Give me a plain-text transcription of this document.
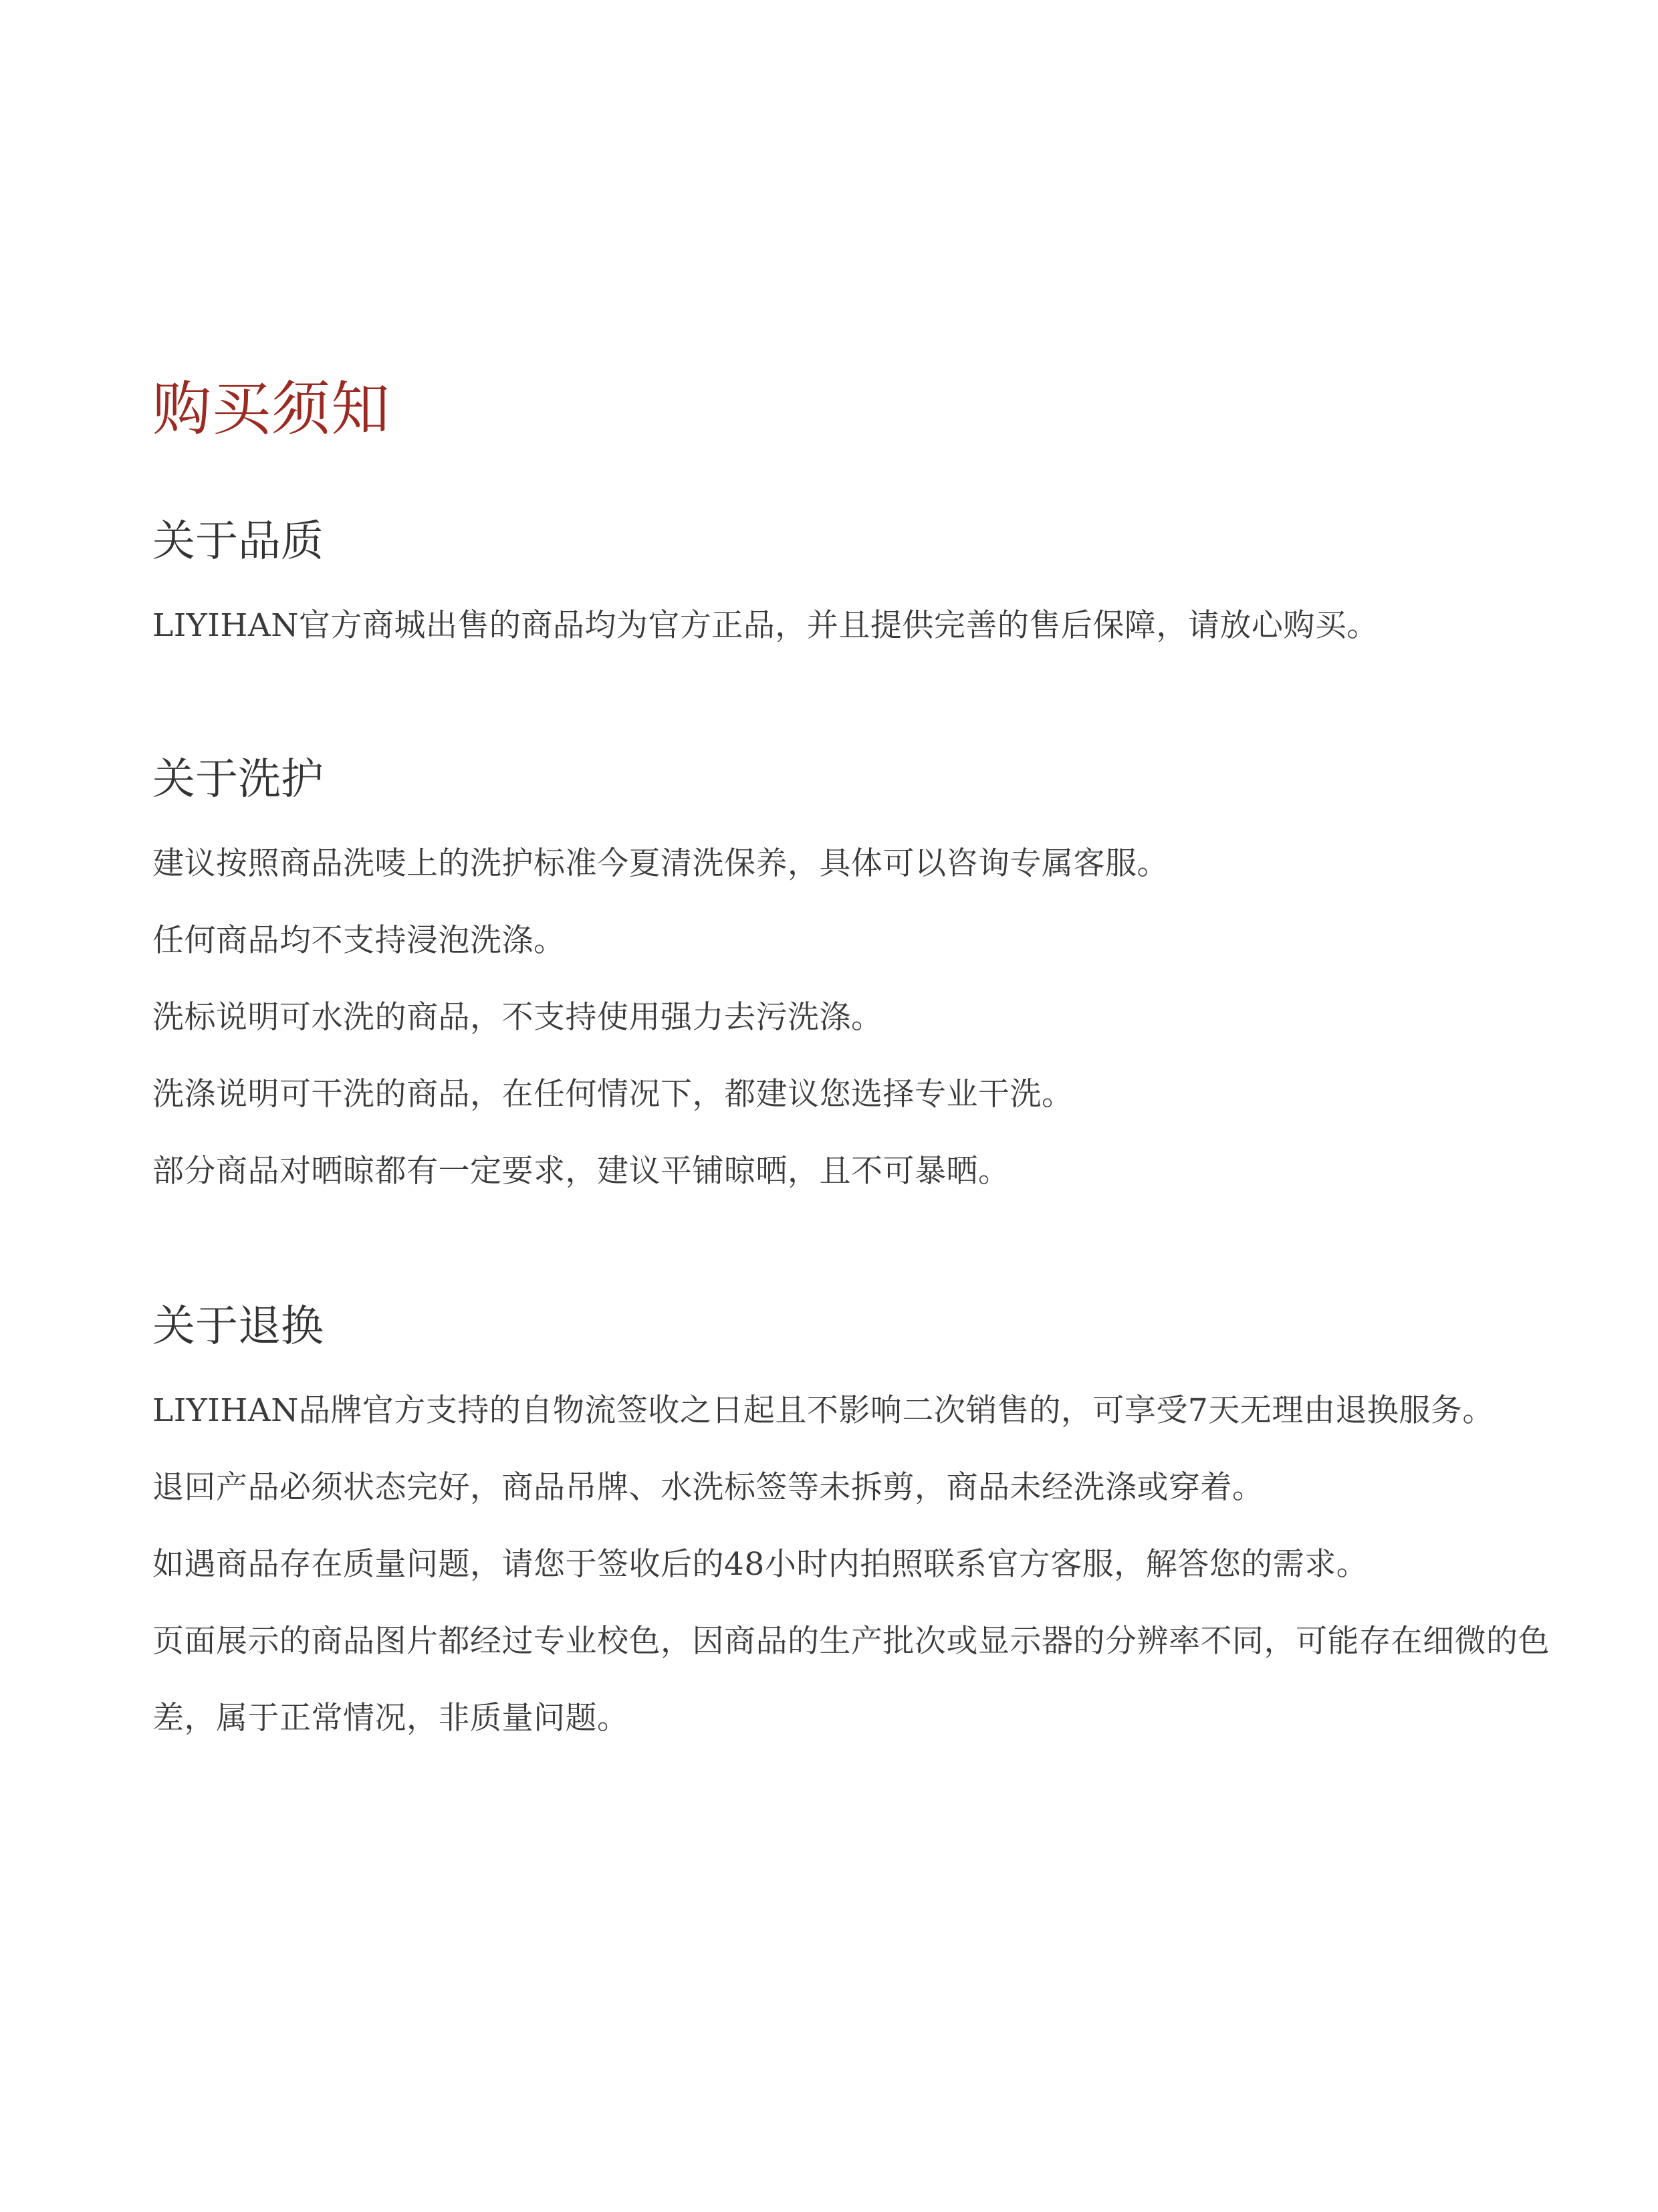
购买须知
关于品质

LIYIHAN官方商城出售的商品均为官方正品，并且提供完善的售后保障，请放心购买。

关于洗护

建议按照商品洗唛上的洗护标准今夏清洗保养，具体可以咨询专属客服。

任何商品均不支持浸泡洗涤。

洗标说明可水洗的商品，不支持使用强力去污洗涤。

洗涤说明可干洗的商品，在任何情况下，都建议您选择专业干洗。

部分商品对晒晾都有一定要求，建议平铺晾晒，且不可暴晒。

关于退换

LIYIHAN品牌官方支持的自物流签收之日起且不影响二次销售的，可享受7天无理由退换服务。

退回产品必须状态完好，商品吊牌、水洗标签等未拆剪，商品未经洗涤或穿着。

如遇商品存在质量问题，请您于签收后的48小时内拍照联系官方客服，解答您的需求。

页面展示的商品图片都经过专业校色，因商品的生产批次或显示器的分辨率不同，可能存在细微的色差，属于正常情况，非质量问题。
